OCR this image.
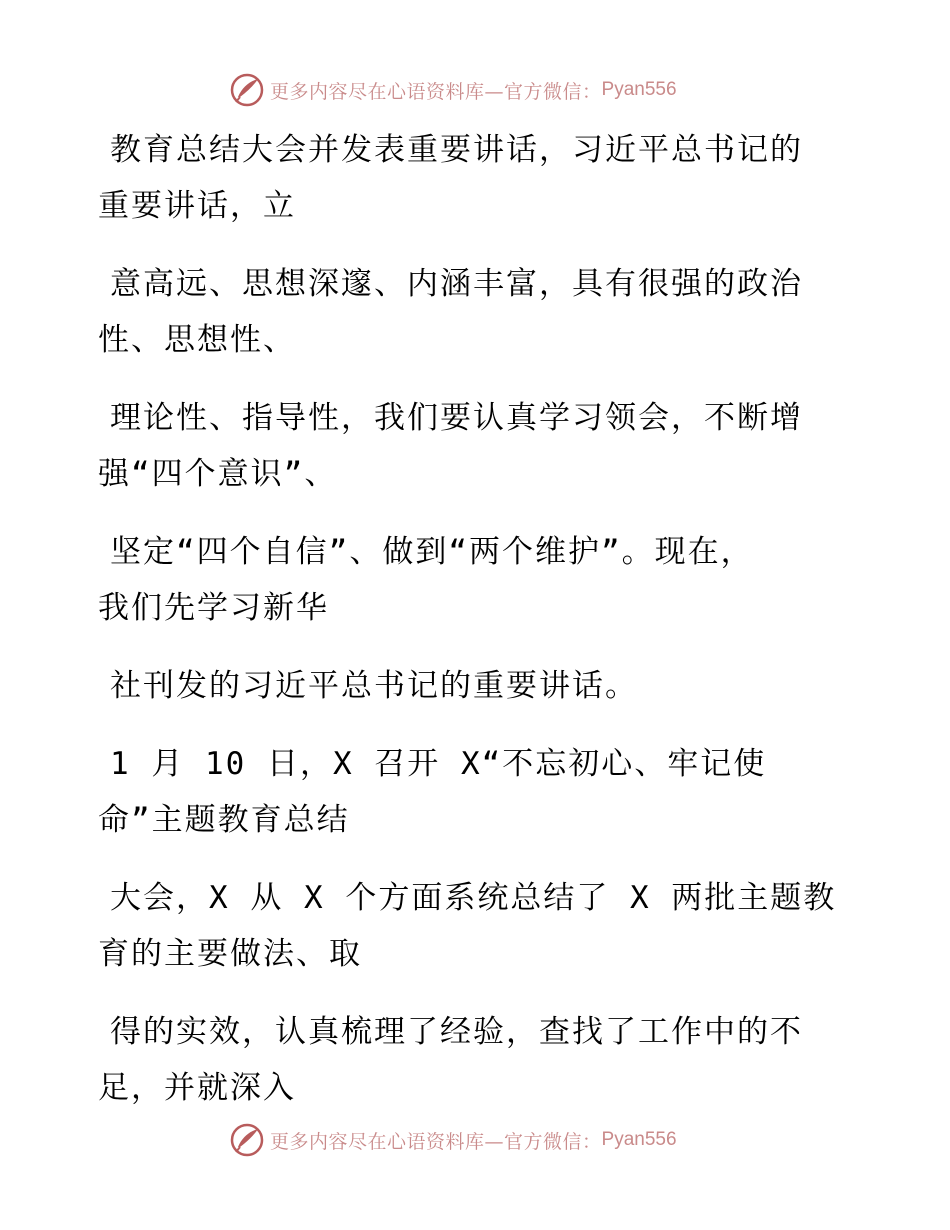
更多内容尽在心语资料库—官方微信： Pyan556

教育总结大会并发表重要讲话，习近平总书记的
重要讲话，立

意高远、思想深邃、内涵丰富，具有很强的政治
性、思想性、

理论性、指导性，我们要认真学习领会，不断增
强“四个意识”、

坚定“四个自信”、做到“两个维护”。现在，
我们先学习新华

社刊发的习近平总书记的重要讲话。

1 月 10 日，X 召开 X“不忘初心、牢记使
命”主题教育总结

大会，X 从 X 个方面系统总结了 X 两批主题教
育的主要做法、取

得的实效，认真梳理了经验，查找了工作中的不
足，并就深入

更多内容尽在心语资料库—官方微信： Pyan556
